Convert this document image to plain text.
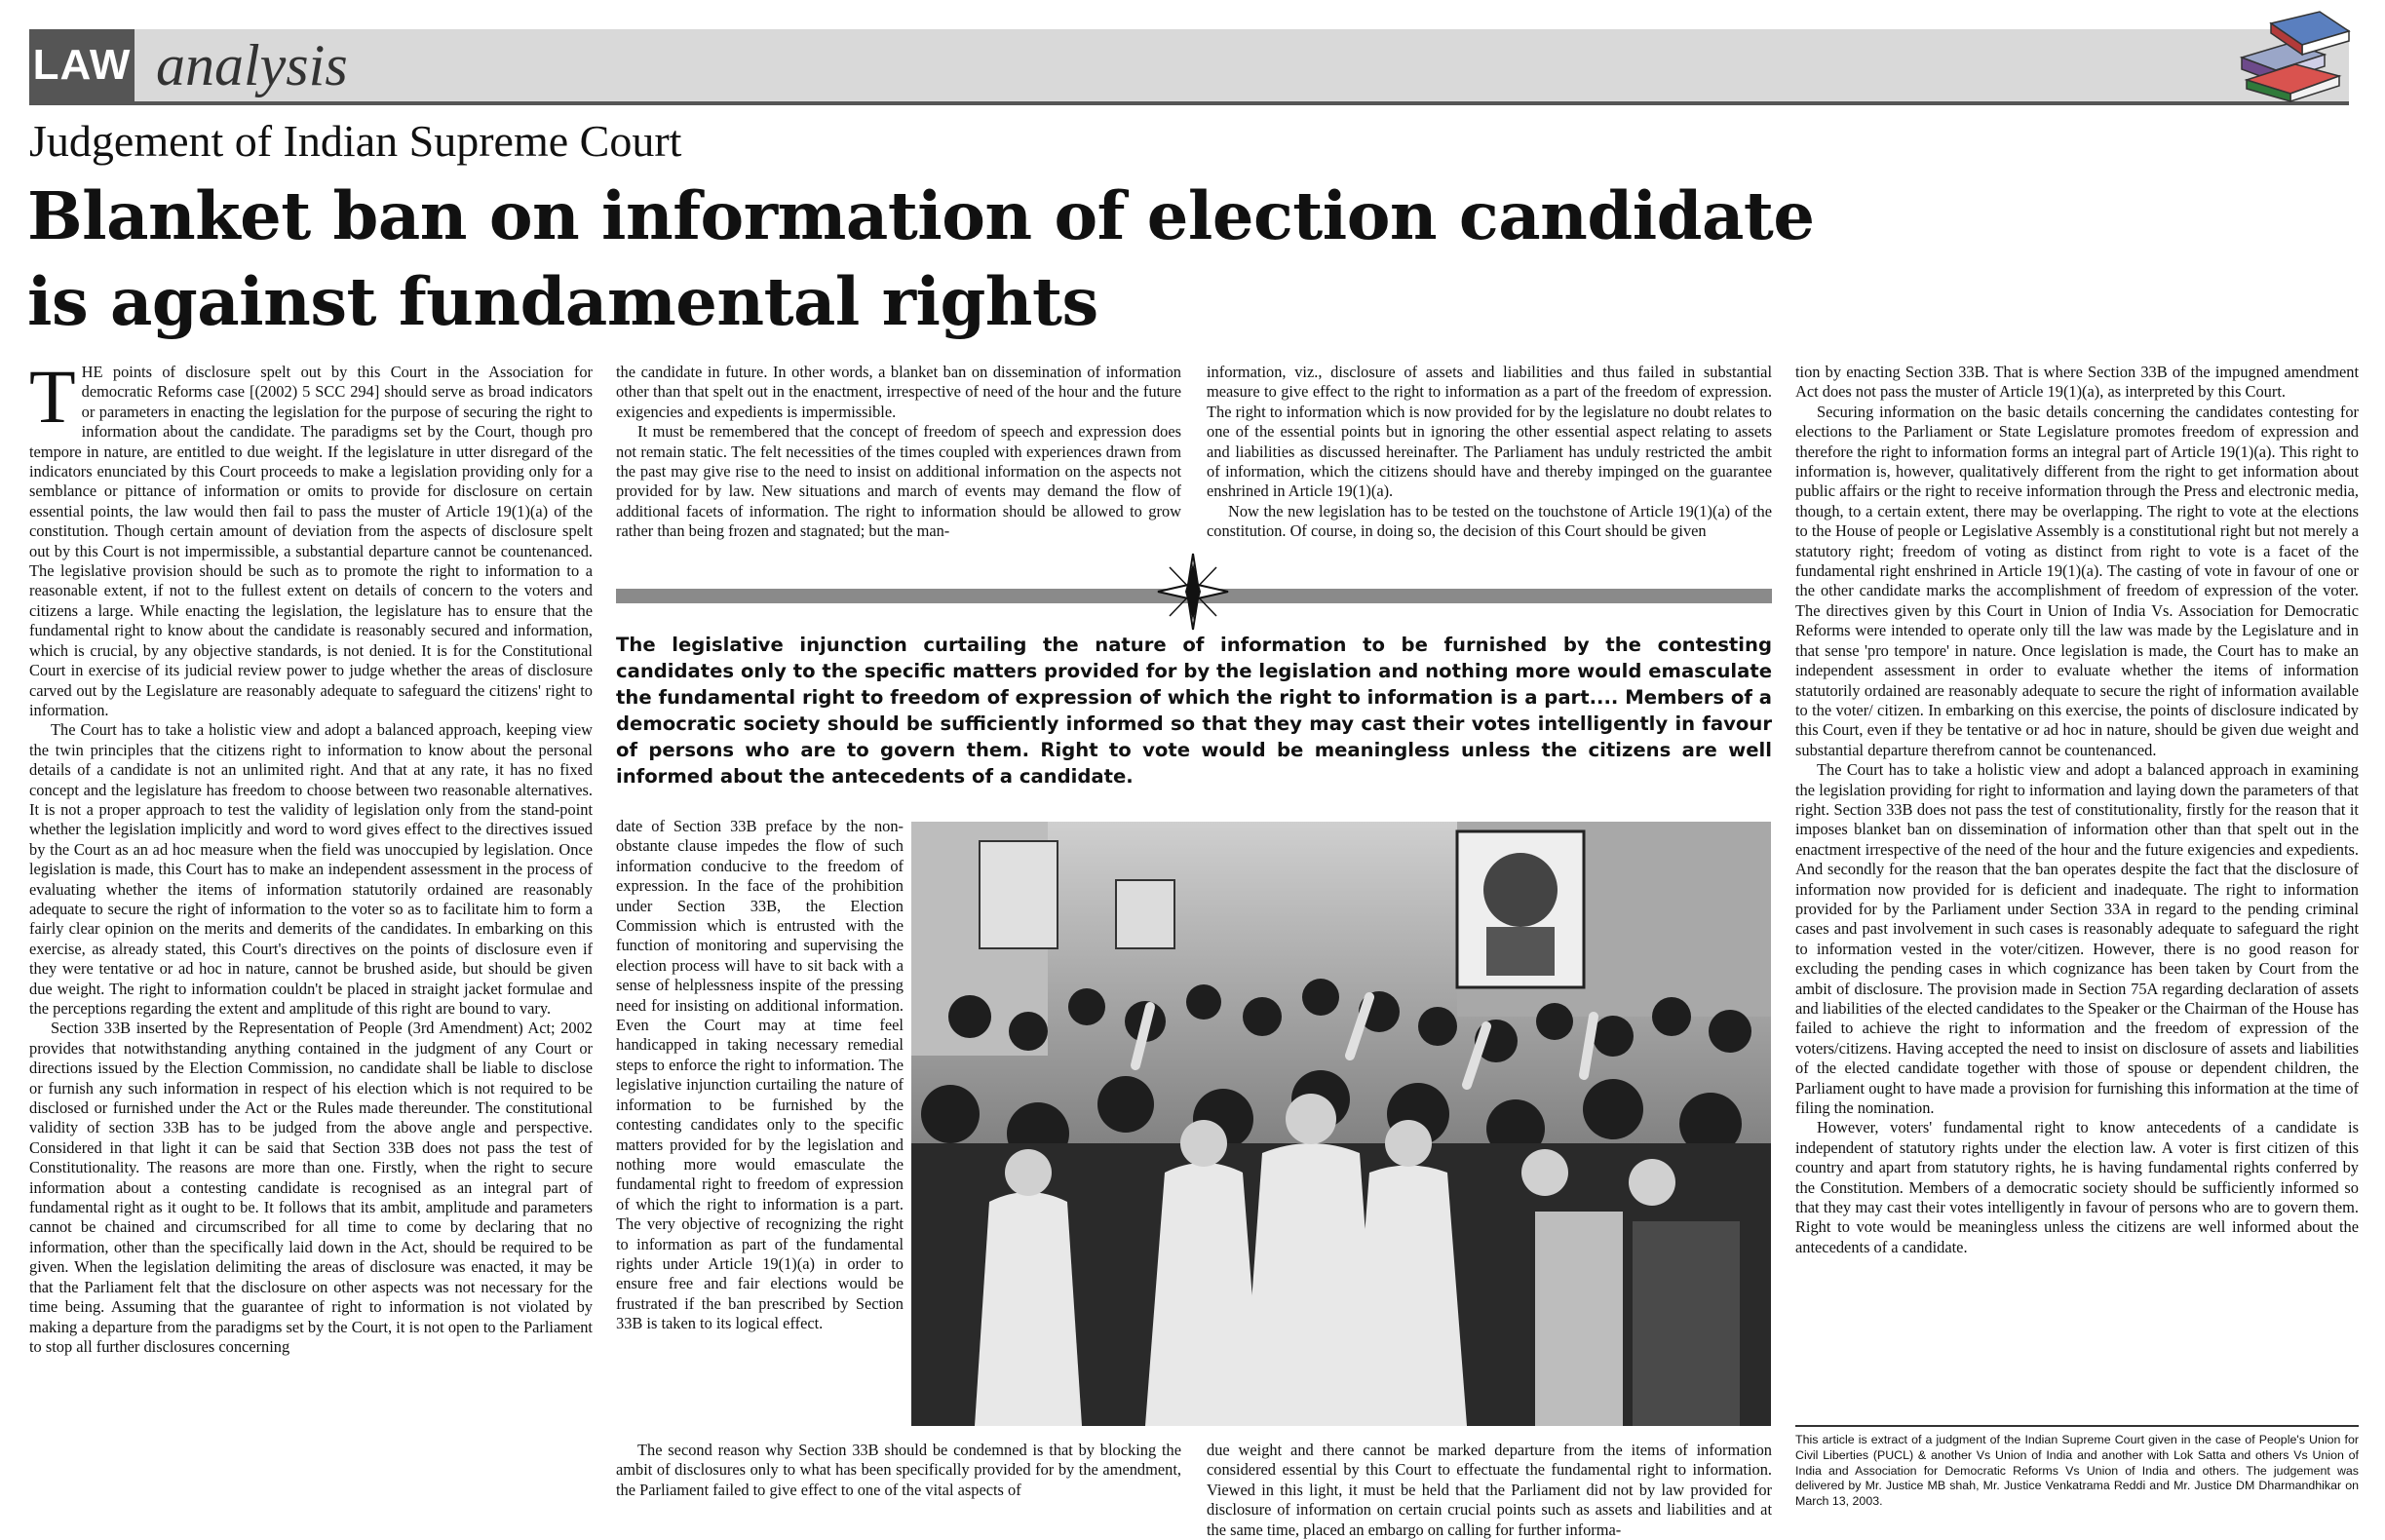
LAW analysis
Judgement of Indian Supreme Court
Blanket ban on information of election candidate
is against fundamental rights

THE points of disclosure spelt out by this Court in the Association for democratic Reforms case [(2002) 5 SCC 294] should serve as broad indicators or parameters in enacting the legislation for the purpose of securing the right to information about the candidate. The paradigms set by the Court, though pro tempore in nature, are entitled to due weight. If the legislature in utter disregard of the indicators enunciated by this Court proceeds to make a legislation providing only for a semblance or pittance of information or omits to provide for disclosure on certain essential points, the law would then fail to pass the muster of Article 19(1)(a) of the constitution. Though certain amount of deviation from the aspects of disclosure spelt out by this Court is not impermissible, a substantial departure cannot be countenanced. The legislative provision should be such as to promote the right to information to a reasonable extent, if not to the fullest extent on details of concern to the voters and citizens a large. While enacting the legislation, the legislature has to ensure that the fundamental right to know about the candidate is reasonably secured and information, which is crucial, by any objective standards, is not denied. It is for the Constitutional Court in exercise of its judicial review power to judge whether the areas of disclosure carved out by the Legislature are reasonably adequate to safeguard the citizens' right to information.

The Court has to take a holistic view and adopt a balanced approach, keeping view the twin principles that the citizens right to information to know about the personal details of a candidate is not an unlimited right. And that at any rate, it has no fixed concept and the legislature has freedom to choose between two reasonable alternatives. It is not a proper approach to test the validity of legislation only from the stand-point whether the legislation implicitly and word to word gives effect to the directives issued by the Court as an ad hoc measure when the field was unoccupied by legislation. Once legislation is made, this Court has to make an independent assessment in the process of evaluating whether the items of information statutorily ordained are reasonably adequate to secure the right of information to the voter so as to facilitate him to form a fairly clear opinion on the merits and demerits of the candidates. In embarking on this exercise, as already stated, this Court's directives on the points of disclosure even if they were tentative or ad hoc in nature, cannot be brushed aside, but should be given due weight. The right to information couldn't be placed in straight jacket formulae and the perceptions regarding the extent and amplitude of this right are bound to vary.

Section 33B inserted by the Representation of People (3rd Amendment) Act; 2002 provides that notwithstanding anything contained in the judgment of any Court or directions issued by the Election Commission, no candidate shall be liable to disclose or furnish any such information in respect of his election which is not required to be disclosed or furnished under the Act or the Rules made thereunder. The constitutional validity of section 33B has to be judged from the above angle and perspective. Considered in that light it can be said that Section 33B does not pass the test of Constitutionality. The reasons are more than one. Firstly, when the right to secure information about a contesting candidate is recognised as an integral part of fundamental right as it ought to be. It follows that its ambit, amplitude and parameters cannot be chained and circumscribed for all time to come by declaring that no information, other than the specifically laid down in the Act, should be required to be given. When the legislation delimiting the areas of disclosure was enacted, it may be that the Parliament felt that the disclosure on other aspects was not necessary for the time being. Assuming that the guarantee of right to information is not violated by making a departure from the paradigms set by the Court, it is not open to the Parliament to stop all further disclosures concerning

the candidate in future. In other words, a blanket ban on dissemination of information other than that spelt out in the enactment, irrespective of need of the hour and the future exigencies and expedients is impermissible.

It must be remembered that the concept of freedom of speech and expression does not remain static. The felt necessities of the times coupled with experiences drawn from the past may give rise to the need to insist on additional information on the aspects not provided for by law. New situations and march of events may demand the flow of additional facets of information. The right to information should be allowed to grow rather than being frozen and stagnated; but the man-

information, viz., disclosure of assets and liabilities and thus failed in substantial measure to give effect to the right to information as a part of the freedom of expression. The right to information which is now provided for by the legislature no doubt relates to one of the essential points but in ignoring the other essential aspect relating to assets and liabilities as discussed hereinafter. The Parliament has unduly restricted the ambit of information, which the citizens should have and thereby impinged on the guarantee enshrined in Article 19(1)(a).

Now the new legislation has to be tested on the touchstone of Article 19(1)(a) of the constitution. Of course, in doing so, the decision of this Court should be given

The legislative injunction curtailing the nature of information to be furnished by the contesting candidates only to the specific matters provided for by the legislation and nothing more would emasculate the fundamental right to freedom of expression of which the right to information is a part.... Members of a democratic society should be sufficiently informed so that they may cast their votes intelligently in favour of persons who are to govern them. Right to vote would be meaningless unless the citizens are well informed about the antecedents of a candidate.

date of Section 33B preface by the non-obstante clause impedes the flow of such information conducive to the freedom of expression. In the face of the prohibition under Section 33B, the Election Commission which is entrusted with the function of monitoring and supervising the election process will have to sit back with a sense of helplessness inspite of the pressing need for insisting on additional information. Even the Court may at time feel handicapped in taking necessary remedial steps to enforce the right to information. The legislative injunction curtailing the nature of information to be furnished by the contesting candidates only to the specific matters provided for by the legislation and nothing more would emasculate the fundamental right to freedom of expression of which the right to information is a part. The very objective of recognizing the right to information as part of the fundamental rights under Article 19(1)(a) in order to ensure free and fair elections would be frustrated if the ban prescribed by Section 33B is taken to its logical effect.

The second reason why Section 33B should be condemned is that by blocking the ambit of disclosures only to what has been specifically provided for by the amendment, the Parliament failed to give effect to one of the vital aspects of

due weight and there cannot be marked departure from the items of information considered essential by this Court to effectuate the fundamental right to information. Viewed in this light, it must be held that the Parliament did not by law provided for disclosure of information on certain crucial points such as assets and liabilities and at the same time, placed an embargo on calling for further informa-

tion by enacting Section 33B. That is where Section 33B of the impugned amendment Act does not pass the muster of Article 19(1)(a), as interpreted by this Court.

Securing information on the basic details concerning the candidates contesting for elections to the Parliament or State Legislature promotes freedom of expression and therefore the right to information forms an integral part of Article 19(1)(a). This right to information is, however, qualitatively different from the right to get information about public affairs or the right to receive information through the Press and electronic media, though, to a certain extent, there may be overlapping. The right to vote at the elections to the House of people or Legislative Assembly is a constitutional right but not merely a statutory right; freedom of voting as distinct from right to vote is a facet of the fundamental right enshrined in Article 19(1)(a). The casting of vote in favour of one or the other candidate marks the accomplishment of freedom of expression of the voter. The directives given by this Court in Union of India Vs. Association for Democratic Reforms were intended to operate only till the law was made by the Legislature and in that sense 'pro tempore' in nature. Once legislation is made, the Court has to make an independent assessment in order to evaluate whether the items of information statutorily ordained are reasonably adequate to secure the right of information available to the voter/ citizen. In embarking on this exercise, the points of disclosure indicated by this Court, even if they be tentative or ad hoc in nature, should be given due weight and substantial departure therefrom cannot be countenanced.

The Court has to take a holistic view and adopt a balanced approach in examining the legislation providing for right to information and laying down the parameters of that right. Section 33B does not pass the test of constitutionality, firstly for the reason that it imposes blanket ban on dissemination of information other than that spelt out in the enactment irrespective of the need of the hour and the future exigencies and expedients. And secondly for the reason that the ban operates despite the fact that the disclosure of information now provided for is deficient and inadequate. The right to information provided for by the Parliament under Section 33A in regard to the pending criminal cases and past involvement in such cases is reasonably adequate to safeguard the right to information vested in the voter/citizen. However, there is no good reason for excluding the pending cases in which cognizance has been taken by Court from the ambit of disclosure. The provision made in Section 75A regarding declaration of assets and liabilities of the elected candidates to the Speaker or the Chairman of the House has failed to achieve the right to information and the freedom of expression of the voters/citizens. Having accepted the need to insist on disclosure of assets and liabilities of the elected candidate together with those of spouse or dependent children, the Parliament ought to have made a provision for furnishing this information at the time of filing the nomination.

However, voters' fundamental right to know antecedents of a candidate is independent of statutory rights under the election law. A voter is first citizen of this country and apart from statutory rights, he is having fundamental rights conferred by the Constitution. Members of a democratic society should be sufficiently informed so that they may cast their votes intelligently in favour of persons who are to govern them. Right to vote would be meaningless unless the citizens are well informed about the antecedents of a candidate.

This article is extract of a judgment of the Indian Supreme Court given in the case of People's Union for Civil Liberties (PUCL) & another Vs Union of India and another with Lok Satta and others Vs Union of India and Association for Democratic Reforms Vs Union of India and others. The judgement was delivered by Mr. Justice MB shah, Mr. Justice Venkatrama Reddi and Mr. Justice DM Dharmandhikar on March 13, 2003.
